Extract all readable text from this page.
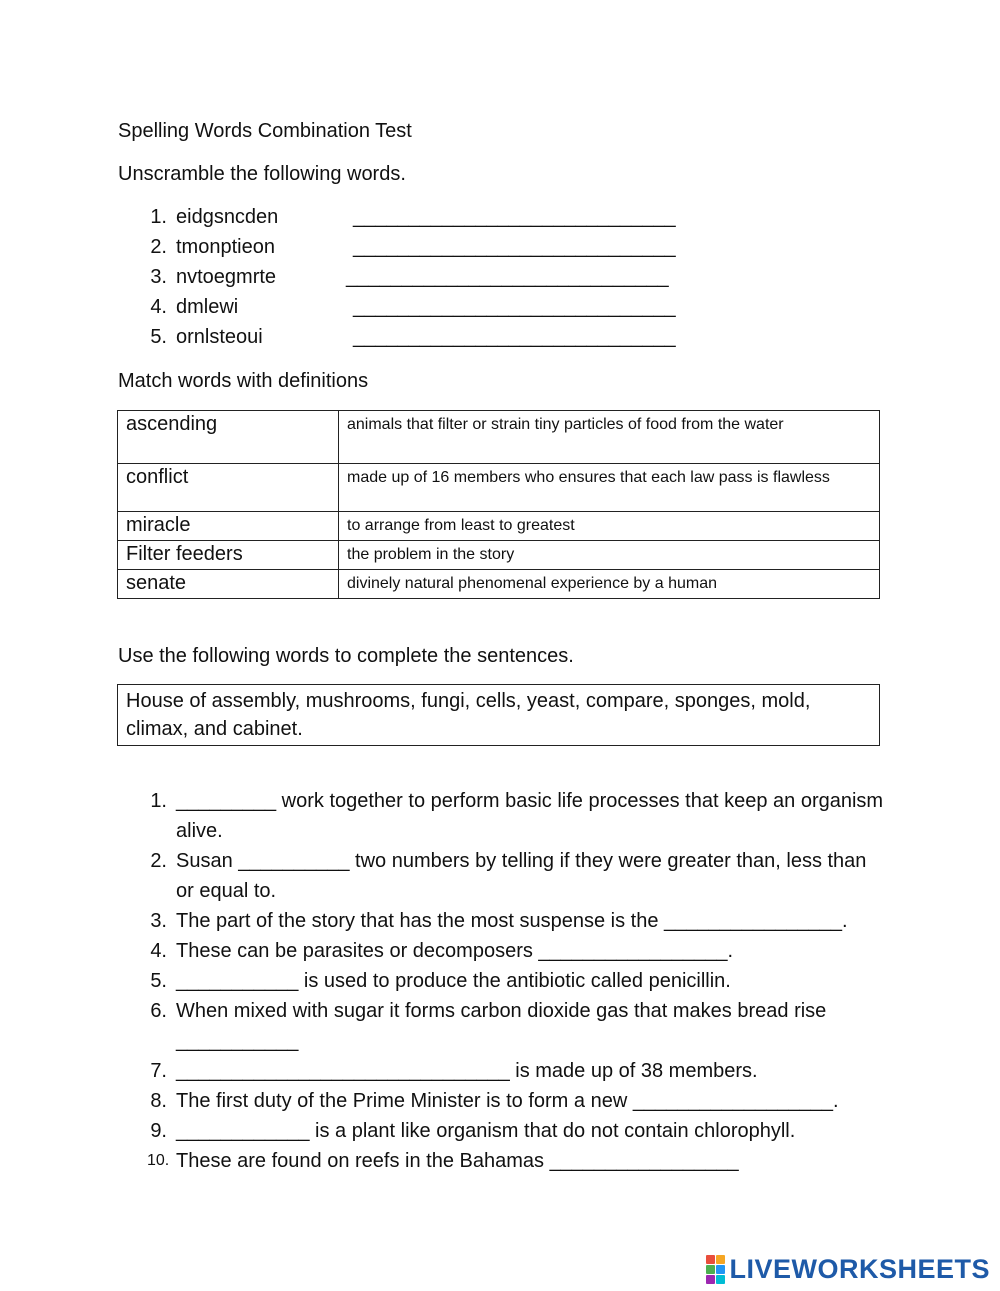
Spelling Words Combination Test
Unscramble the following words.
1. eidgsncden	_____________________________
2. tmonptieon	_____________________________
3. nvtoegmrte	_____________________________
4. dmlewi	_____________________________
5. ornlsteoui	_____________________________
Match words with definitions
ascending	animals that filter or strain tiny particles of food from the water
conflict	made up of 16 members who ensures that each law pass is flawless
miracle	to arrange from least to greatest
Filter feeders	the problem in the story
senate	divinely natural phenomenal experience by a human
Use the following words to complete the sentences.
House of assembly, mushrooms, fungi, cells, yeast, compare, sponges, mold, climax, and cabinet.
1. _________ work together to perform basic life processes that keep an organism alive.
2. Susan __________ two numbers by telling if they were greater than, less than or equal to.
3. The part of the story that has the most suspense is the ________________.
4. These can be parasites or decomposers _________________.
5. ___________ is used to produce the antibiotic called penicillin.
6. When mixed with sugar it forms carbon dioxide gas that makes bread rise ___________
7. ______________________________ is made up of 38 members.
8. The first duty of the Prime Minister is to form a new __________________.
9. ____________ is a plant like organism that do not contain chlorophyll.
10. These are found on reefs in the Bahamas _________________
LIVEWORKSHEETS
